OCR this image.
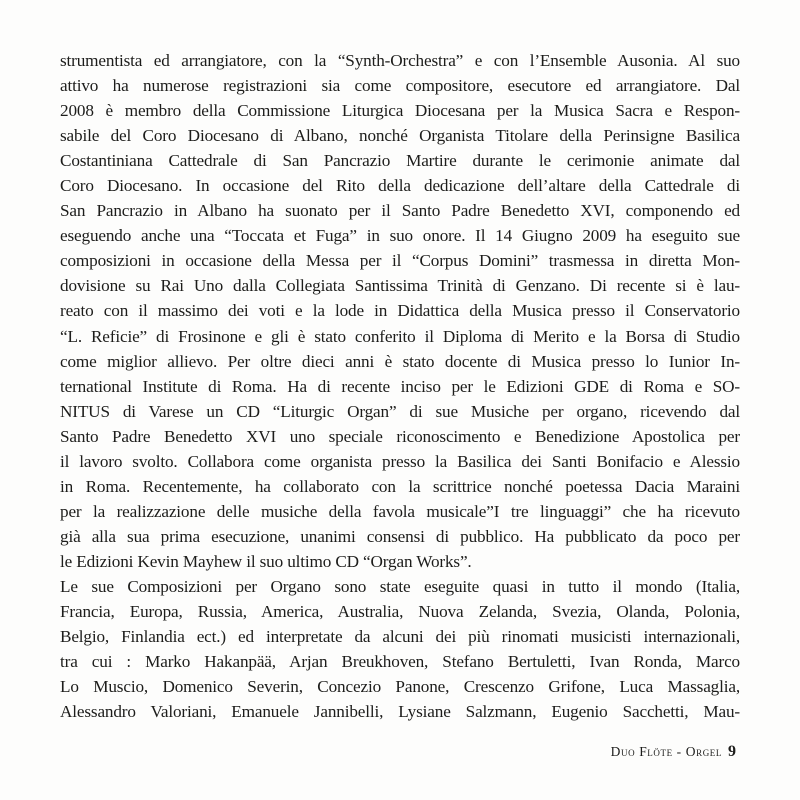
strumentista ed arrangiatore, con la “Synth-Orchestra” e con l’Ensemble Ausonia. Al suo
attivo ha numerose registrazioni sia come compositore, esecutore ed arrangiatore. Dal
2008 è membro della Commissione Liturgica Diocesana per la Musica Sacra e Respon-
sabile del Coro Diocesano di Albano, nonché Organista Titolare della Perinsigne Basilica
Costantiniana Cattedrale di San Pancrazio Martire durante le cerimonie animate dal
Coro Diocesano. In occasione del Rito della dedicazione dell’altare della Cattedrale di
San Pancrazio in Albano ha suonato per il Santo Padre Benedetto XVI, componendo ed
eseguendo anche una “Toccata et Fuga” in suo onore. Il 14 Giugno 2009 ha eseguito sue
composizioni in occasione della Messa per il “Corpus Domini” trasmessa in diretta Mon-
dovisione su Rai Uno dalla Collegiata Santissima Trinità di Genzano. Di recente si è lau-
reato con il massimo dei voti e la lode in Didattica della Musica presso il Conservatorio
“L. Reficie” di Frosinone e gli è stato conferito il Diploma di Merito e la Borsa di Studio
come miglior allievo. Per oltre dieci anni è stato docente di Musica presso lo Iunior In-
ternational Institute di Roma. Ha di recente inciso per le Edizioni GDE di Roma e SO-
NITUS di Varese un CD “Liturgic Organ” di sue Musiche per organo, ricevendo dal
Santo Padre Benedetto XVI uno speciale riconoscimento e Benedizione Apostolica per
il lavoro svolto. Collabora come organista presso la Basilica dei Santi Bonifacio e Alessio
in Roma. Recentemente, ha collaborato con la scrittrice nonché poetessa Dacia Maraini
per la realizzazione delle musiche della favola musicale”I tre linguaggi” che ha ricevuto
già alla sua prima esecuzione, unanimi consensi di pubblico. Ha pubblicato da poco per
le Edizioni Kevin Mayhew il suo ultimo CD “Organ Works”.
Le sue Composizioni per Organo sono state eseguite quasi in tutto il mondo (Italia,
Francia, Europa, Russia, America, Australia, Nuova Zelanda, Svezia, Olanda, Polonia,
Belgio, Finlandia ect.) ed interpretate da alcuni dei più rinomati musicisti internazionali,
tra cui : Marko Hakanpää, Arjan Breukhoven, Stefano Bertuletti, Ivan Ronda, Marco
Lo Muscio, Domenico Severin, Concezio Panone, Crescenzo Grifone, Luca Massaglia,
Alessandro Valoriani, Emanuele Jannibelli, Lysiane Salzmann, Eugenio Sacchetti, Mau-
Duo Flöte - Orgel 9
